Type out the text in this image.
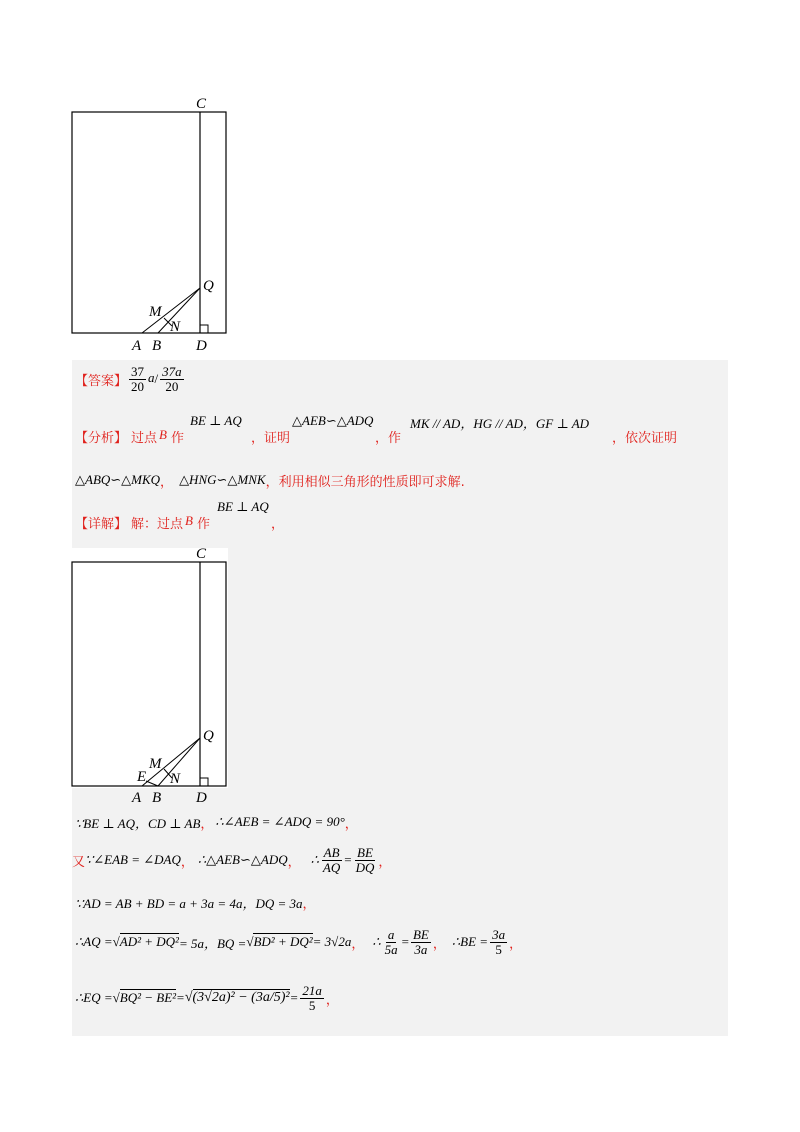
C
Q
M
N
A B D
【答案】 $\frac{37}{20}$ a / $\frac{37a}{20}$
【分析】 过点 B 作
BE ⊥ AQ
，证明
△AEB∽△ADQ
，作
MK // AD，HG // AD，GF ⊥ AD
，依次证明
△ABQ∽△MKQ ， △HNG∽△MNK ，利用相似三角形的性质即可求解.
【详解】 解：过点 B 作
BE ⊥ AQ
，
C
Q
M
E N
A B D
∵BE ⊥ AQ，CD ⊥ AB ， ∴∠AEB = ∠ADQ = 90° ，
又 ∵∠EAB = ∠DAQ ， ∴△AEB∽△ADQ ， ∴ $\frac{AB}{AQ} = \frac{BE}{DQ}$ ，
∵AD = AB + BD = a + 3a = 4a，DQ = 3a ，
∴AQ = √AD² + DQ² = 5a，BQ = √BD² + DQ² = 3√2a ， ∴ $\frac{a}{5a} = \frac{BE}{3a}$ ， ∴BE = $\frac{3a}{5}$ ，
∴EQ = $√BQ^2 - BE^2 = √(3√2a)^2 - (3a/5)^2 = \frac{21a}{5}$ ，
